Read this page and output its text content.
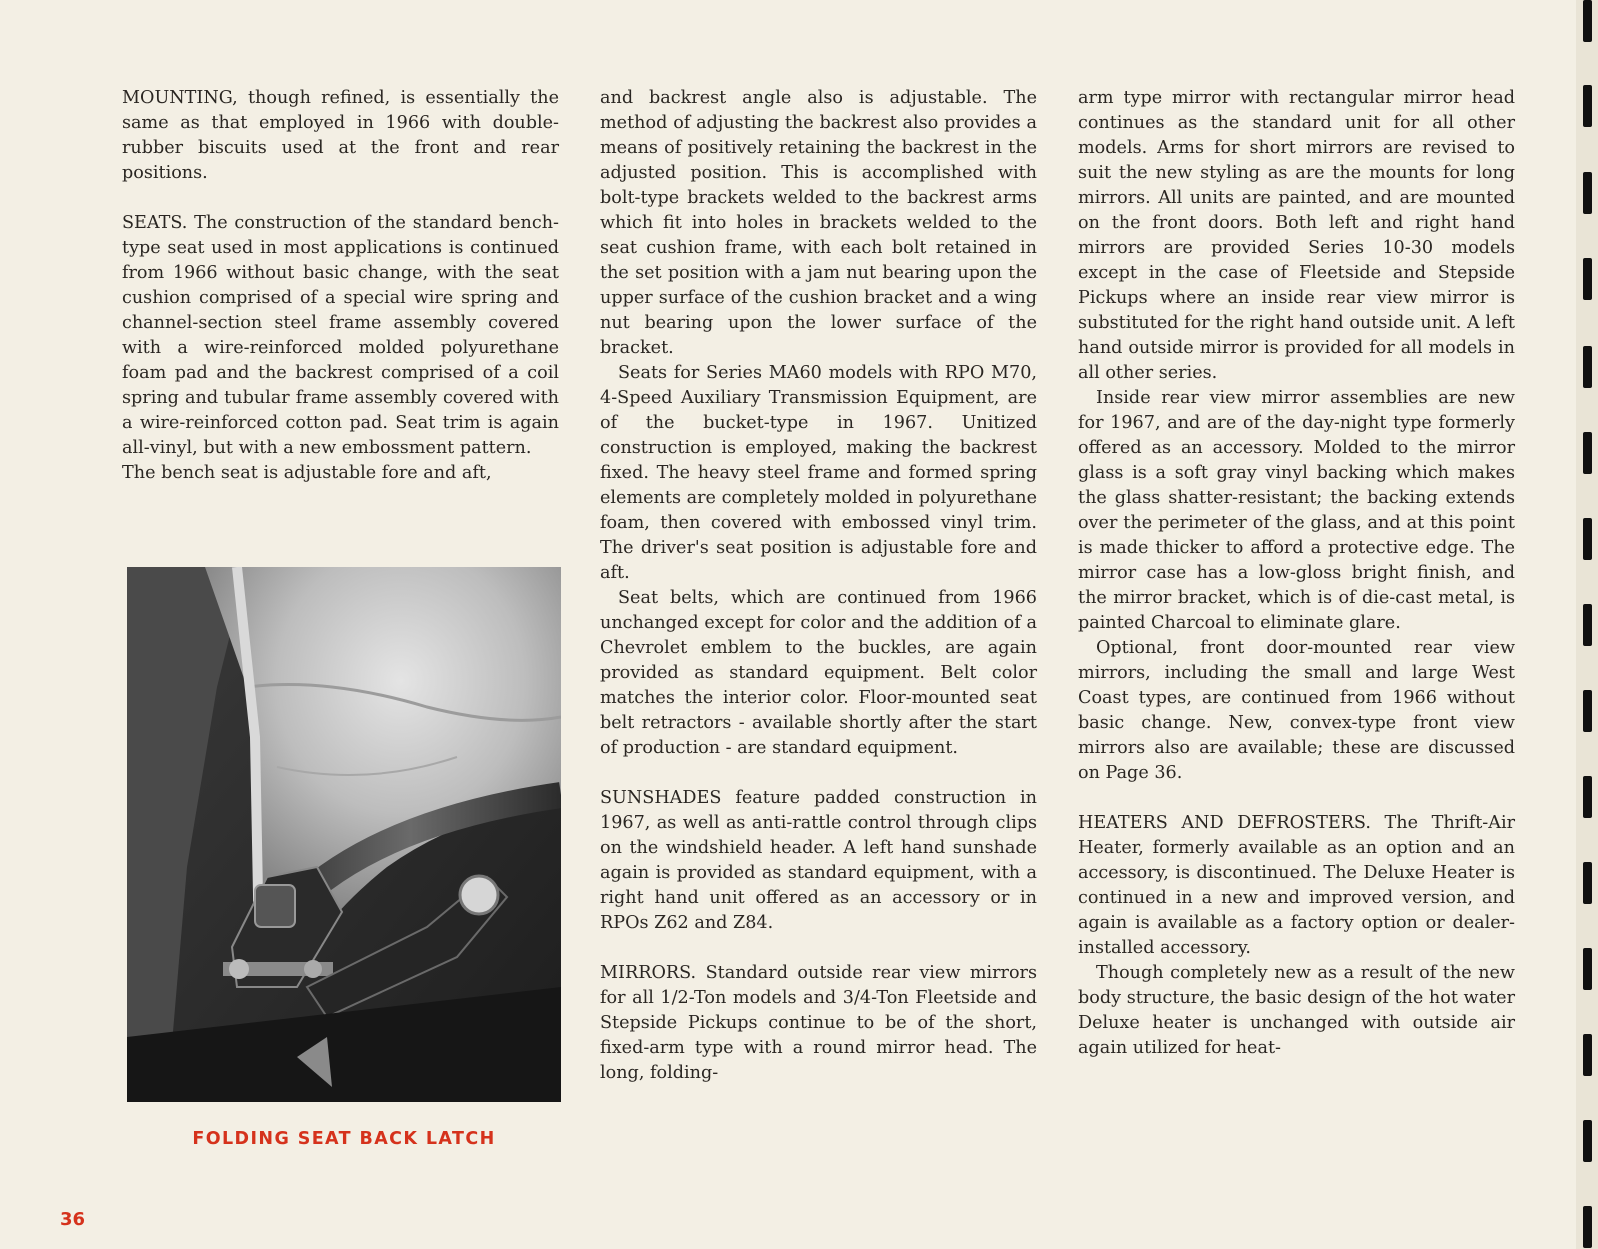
MOUNTING, though refined, is essentially the same as that employed in 1966 with double-rubber biscuits used at the front and rear positions.

SEATS. The construction of the standard bench-type seat used in most applications is continued from 1966 without basic change, with the seat cushion comprised of a special wire spring and channel-section steel frame assembly covered with a wire-reinforced molded polyurethane foam pad and the backrest comprised of a coil spring and tubular frame assembly covered with a wire-reinforced cotton pad. Seat trim is again all-vinyl, but with a new embossment pattern.

The bench seat is adjustable fore and aft,

FOLDING SEAT BACK LATCH

and backrest angle also is adjustable. The method of adjusting the backrest also provides a means of positively retaining the backrest in the adjusted position. This is accomplished with bolt-type brackets welded to the backrest arms which fit into holes in brackets welded to the seat cushion frame, with each bolt retained in the set position with a jam nut bearing upon the upper surface of the cushion bracket and a wing nut bearing upon the lower surface of the bracket.

Seats for Series MA60 models with RPO M70, 4-Speed Auxiliary Transmission Equipment, are of the bucket-type in 1967. Unitized construction is employed, making the backrest fixed. The heavy steel frame and formed spring elements are completely molded in polyurethane foam, then covered with embossed vinyl trim. The driver's seat position is adjustable fore and aft.

Seat belts, which are continued from 1966 unchanged except for color and the addition of a Chevrolet emblem to the buckles, are again provided as standard equipment. Belt color matches the interior color. Floor-mounted seat belt retractors - available shortly after the start of production - are standard equipment.

SUNSHADES feature padded construction in 1967, as well as anti-rattle control through clips on the windshield header. A left hand sunshade again is provided as standard equipment, with a right hand unit offered as an accessory or in RPOs Z62 and Z84.

MIRRORS. Standard outside rear view mirrors for all 1/2-Ton models and 3/4-Ton Fleetside and Stepside Pickups continue to be of the short, fixed-arm type with a round mirror head. The long, folding-

arm type mirror with rectangular mirror head continues as the standard unit for all other models. Arms for short mirrors are revised to suit the new styling as are the mounts for long mirrors. All units are painted, and are mounted on the front doors. Both left and right hand mirrors are provided Series 10-30 models except in the case of Fleetside and Stepside Pickups where an inside rear view mirror is substituted for the right hand outside unit. A left hand outside mirror is provided for all models in all other series.

Inside rear view mirror assemblies are new for 1967, and are of the day-night type formerly offered as an accessory. Molded to the mirror glass is a soft gray vinyl backing which makes the glass shatter-resistant; the backing extends over the perimeter of the glass, and at this point is made thicker to afford a protective edge. The mirror case has a low-gloss bright finish, and the mirror bracket, which is of die-cast metal, is painted Charcoal to eliminate glare.

Optional, front door-mounted rear view mirrors, including the small and large West Coast types, are continued from 1966 without basic change. New, convex-type front view mirrors also are available; these are discussed on Page 36.

HEATERS AND DEFROSTERS. The Thrift-Air Heater, formerly available as an option and an accessory, is discontinued. The Deluxe Heater is continued in a new and improved version, and again is available as a factory option or dealer-installed accessory.

Though completely new as a result of the new body structure, the basic design of the hot water Deluxe heater is unchanged with outside air again utilized for heat-

36
